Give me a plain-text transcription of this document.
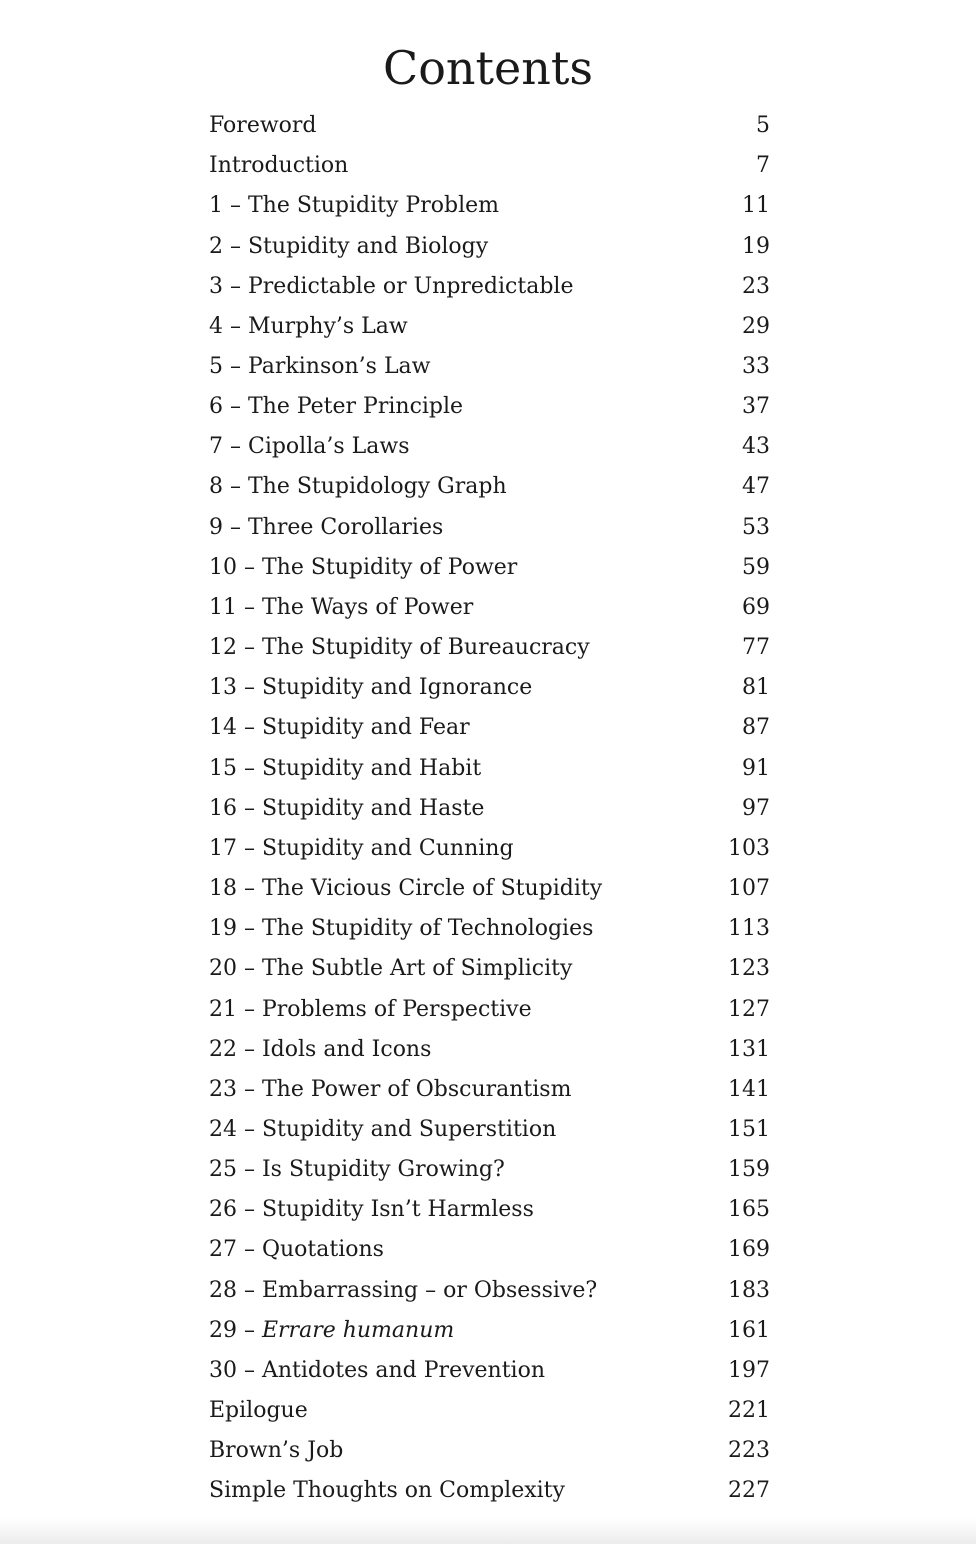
Contents
Foreword	5
Introduction	7
1 – The Stupidity Problem	11
2 – Stupidity and Biology	19
3 – Predictable or Unpredictable	23
4 – Murphy’s Law	29
5 – Parkinson’s Law	33
6 – The Peter Principle	37
7 – Cipolla’s Laws	43
8 – The Stupidology Graph	47
9 – Three Corollaries	53
10 – The Stupidity of Power	59
11 – The Ways of Power	69
12 – The Stupidity of Bureaucracy	77
13 – Stupidity and Ignorance	81
14 – Stupidity and Fear	87
15 – Stupidity and Habit	91
16 – Stupidity and Haste	97
17 – Stupidity and Cunning	103
18 – The Vicious Circle of Stupidity	107
19 – The Stupidity of Technologies	113
20 – The Subtle Art of Simplicity	123
21 – Problems of Perspective	127
22 – Idols and Icons	131
23 – The Power of Obscurantism	141
24 – Stupidity and Superstition	151
25 – Is Stupidity Growing?	159
26 – Stupidity Isn’t Harmless	165
27 – Quotations	169
28 – Embarrassing – or Obsessive?	183
29 – Errare humanum	161
30 – Antidotes and Prevention	197
Epilogue	221
Brown’s Job	223
Simple Thoughts on Complexity	227
